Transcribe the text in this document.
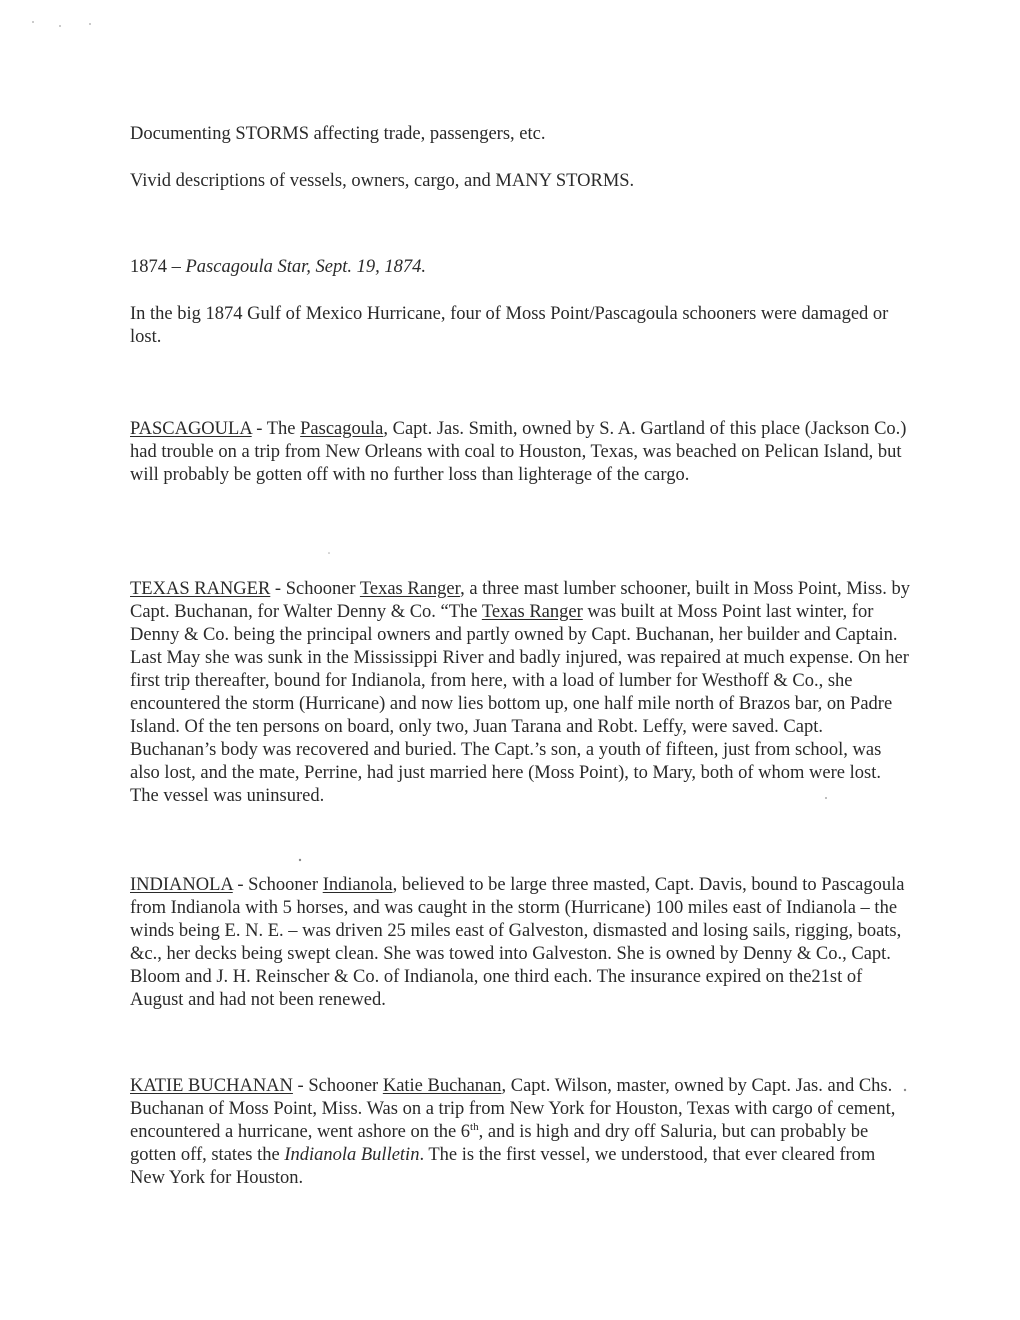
Documenting STORMS affecting trade, passengers, etc.

Vivid descriptions of vessels, owners, cargo, and MANY STORMS.

1874 – Pascagoula Star, Sept. 19, 1874.

In the big 1874 Gulf of Mexico Hurricane, four of Moss Point/Pascagoula schooners were damaged or lost.

PASCAGOULA - The Pascagoula, Capt. Jas. Smith, owned by S. A. Gartland of this place (Jackson Co.) had trouble on a trip from New Orleans with coal to Houston, Texas, was beached on Pelican Island, but will probably be gotten off with no further loss than lighterage of the cargo.

TEXAS RANGER - Schooner Texas Ranger, a three mast lumber schooner, built in Moss Point, Miss. by Capt. Buchanan, for Walter Denny & Co. “The Texas Ranger was built at Moss Point last winter, for Denny & Co. being the principal owners and partly owned by Capt. Buchanan, her builder and Captain. Last May she was sunk in the Mississippi River and badly injured, was repaired at much expense. On her first trip thereafter, bound for Indianola, from here, with a load of lumber for Westhoff & Co., she encountered the storm (Hurricane) and now lies bottom up, one half mile north of Brazos bar, on Padre Island. Of the ten persons on board, only two, Juan Tarana and Robt. Leffy, were saved. Capt. Buchanan’s body was recovered and buried. The Capt.’s son, a youth of fifteen, just from school, was also lost, and the mate, Perrine, had just married here (Moss Point), to Mary, both of whom were lost. The vessel was uninsured.

INDIANOLA - Schooner Indianola, believed to be large three masted, Capt. Davis, bound to Pascagoula from Indianola with 5 horses, and was caught in the storm (Hurricane) 100 miles east of Indianola – the winds being E. N. E. – was driven 25 miles east of Galveston, dismasted and losing sails, rigging, boats, &c., her decks being swept clean. She was towed into Galveston. She is owned by Denny & Co., Capt. Bloom and J. H. Reinscher & Co. of Indianola, one third each. The insurance expired on the21st of August and had not been renewed.

KATIE BUCHANAN - Schooner Katie Buchanan, Capt. Wilson, master, owned by Capt. Jas. and Chs. Buchanan of Moss Point, Miss. Was on a trip from New York for Houston, Texas with cargo of cement, encountered a hurricane, went ashore on the 6th, and is high and dry off Saluria, but can probably be gotten off, states the Indianola Bulletin. The is the first vessel, we understood, that ever cleared from New York for Houston.
